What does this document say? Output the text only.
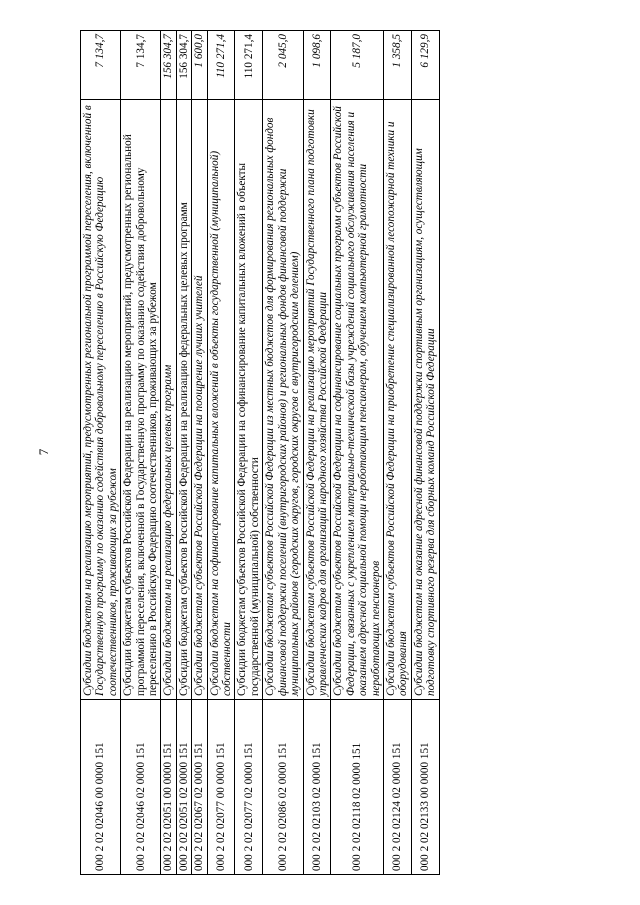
7
000 2 02 02046 00 0000 151	Субсидии бюджетам на реализацию мероприятий, предусмотренных региональной программой переселения, включенной в Государственную программу по оказанию содействия добровольному переселению в Российскую Федерацию соотечественников, проживающих за рубежом	7 134,7
000 2 02 02046 02 0000 151	Субсидии бюджетам субъектов Российской Федерации на реализацию мероприятий, предусмотренных региональной программой переселения, включенной в Государственную программу по оказанию содействия добровольному переселению в Российскую Федерацию соотечественников, проживающих за рубежом	7 134,7
000 2 02 02051 00 0000 151	Субсидии бюджетам на реализацию федеральных целевых программ	156 304,7
000 2 02 02051 02 0000 151	Субсидии бюджетам субъектов Российской Федерации на реализацию федеральных целевых программ	156 304,7
000 2 02 02067 02 0000 151	Субсидии бюджетам субъектов Российской Федерации на поощрение лучших учителей	1 600,0
000 2 02 02077 00 0000 151	Субсидии бюджетам на софинансирование капитальных вложений в объекты государственной (муниципальной) собственности	110 271,4
000 2 02 02077 02 0000 151	Субсидии бюджетам субъектов Российской Федерации на софинансирование капитальных вложений в объекты государственной (муниципальной) собственности	110 271,4
000 2 02 02086 02 0000 151	Субсидии бюджетам субъектов Российской Федерации из местных бюджетов для формирования региональных фондов финансовой поддержки поселений (внутригородских районов) и региональных фондов финансовой поддержки муниципальных районов (городских округов, городских округов с внутригородским делением)	2 045,0
000 2 02 02103 02 0000 151	Субсидии бюджетам субъектов Российской Федерации на реализацию мероприятий Государственного плана подготовки управленческих кадров для организаций народного хозяйства Российской Федерации	1 098,6
000 2 02 02118 02 0000 151	Субсидии бюджетам субъектов Российской Федерации на софинансирование социальных программ субъектов Российской Федерации, связанных с укреплением материально-технической базы учреждений социального обслуживания населения и оказанием адресной социальной помощи неработающим пенсионерам, обучением компьютерной грамотности неработающих пенсионеров	5 187,0
000 2 02 02124 02 0000 151	Субсидии бюджетам субъектов Российской Федерации на приобретение специализированной лесопожарной техники и оборудования	1 358,5
000 2 02 02133 00 0000 151	Субсидии бюджетам на оказание адресной финансовой поддержки спортивным организациям, осуществляющим подготовку спортивного резерва для сборных команд Российской Федерации	6 129,9
